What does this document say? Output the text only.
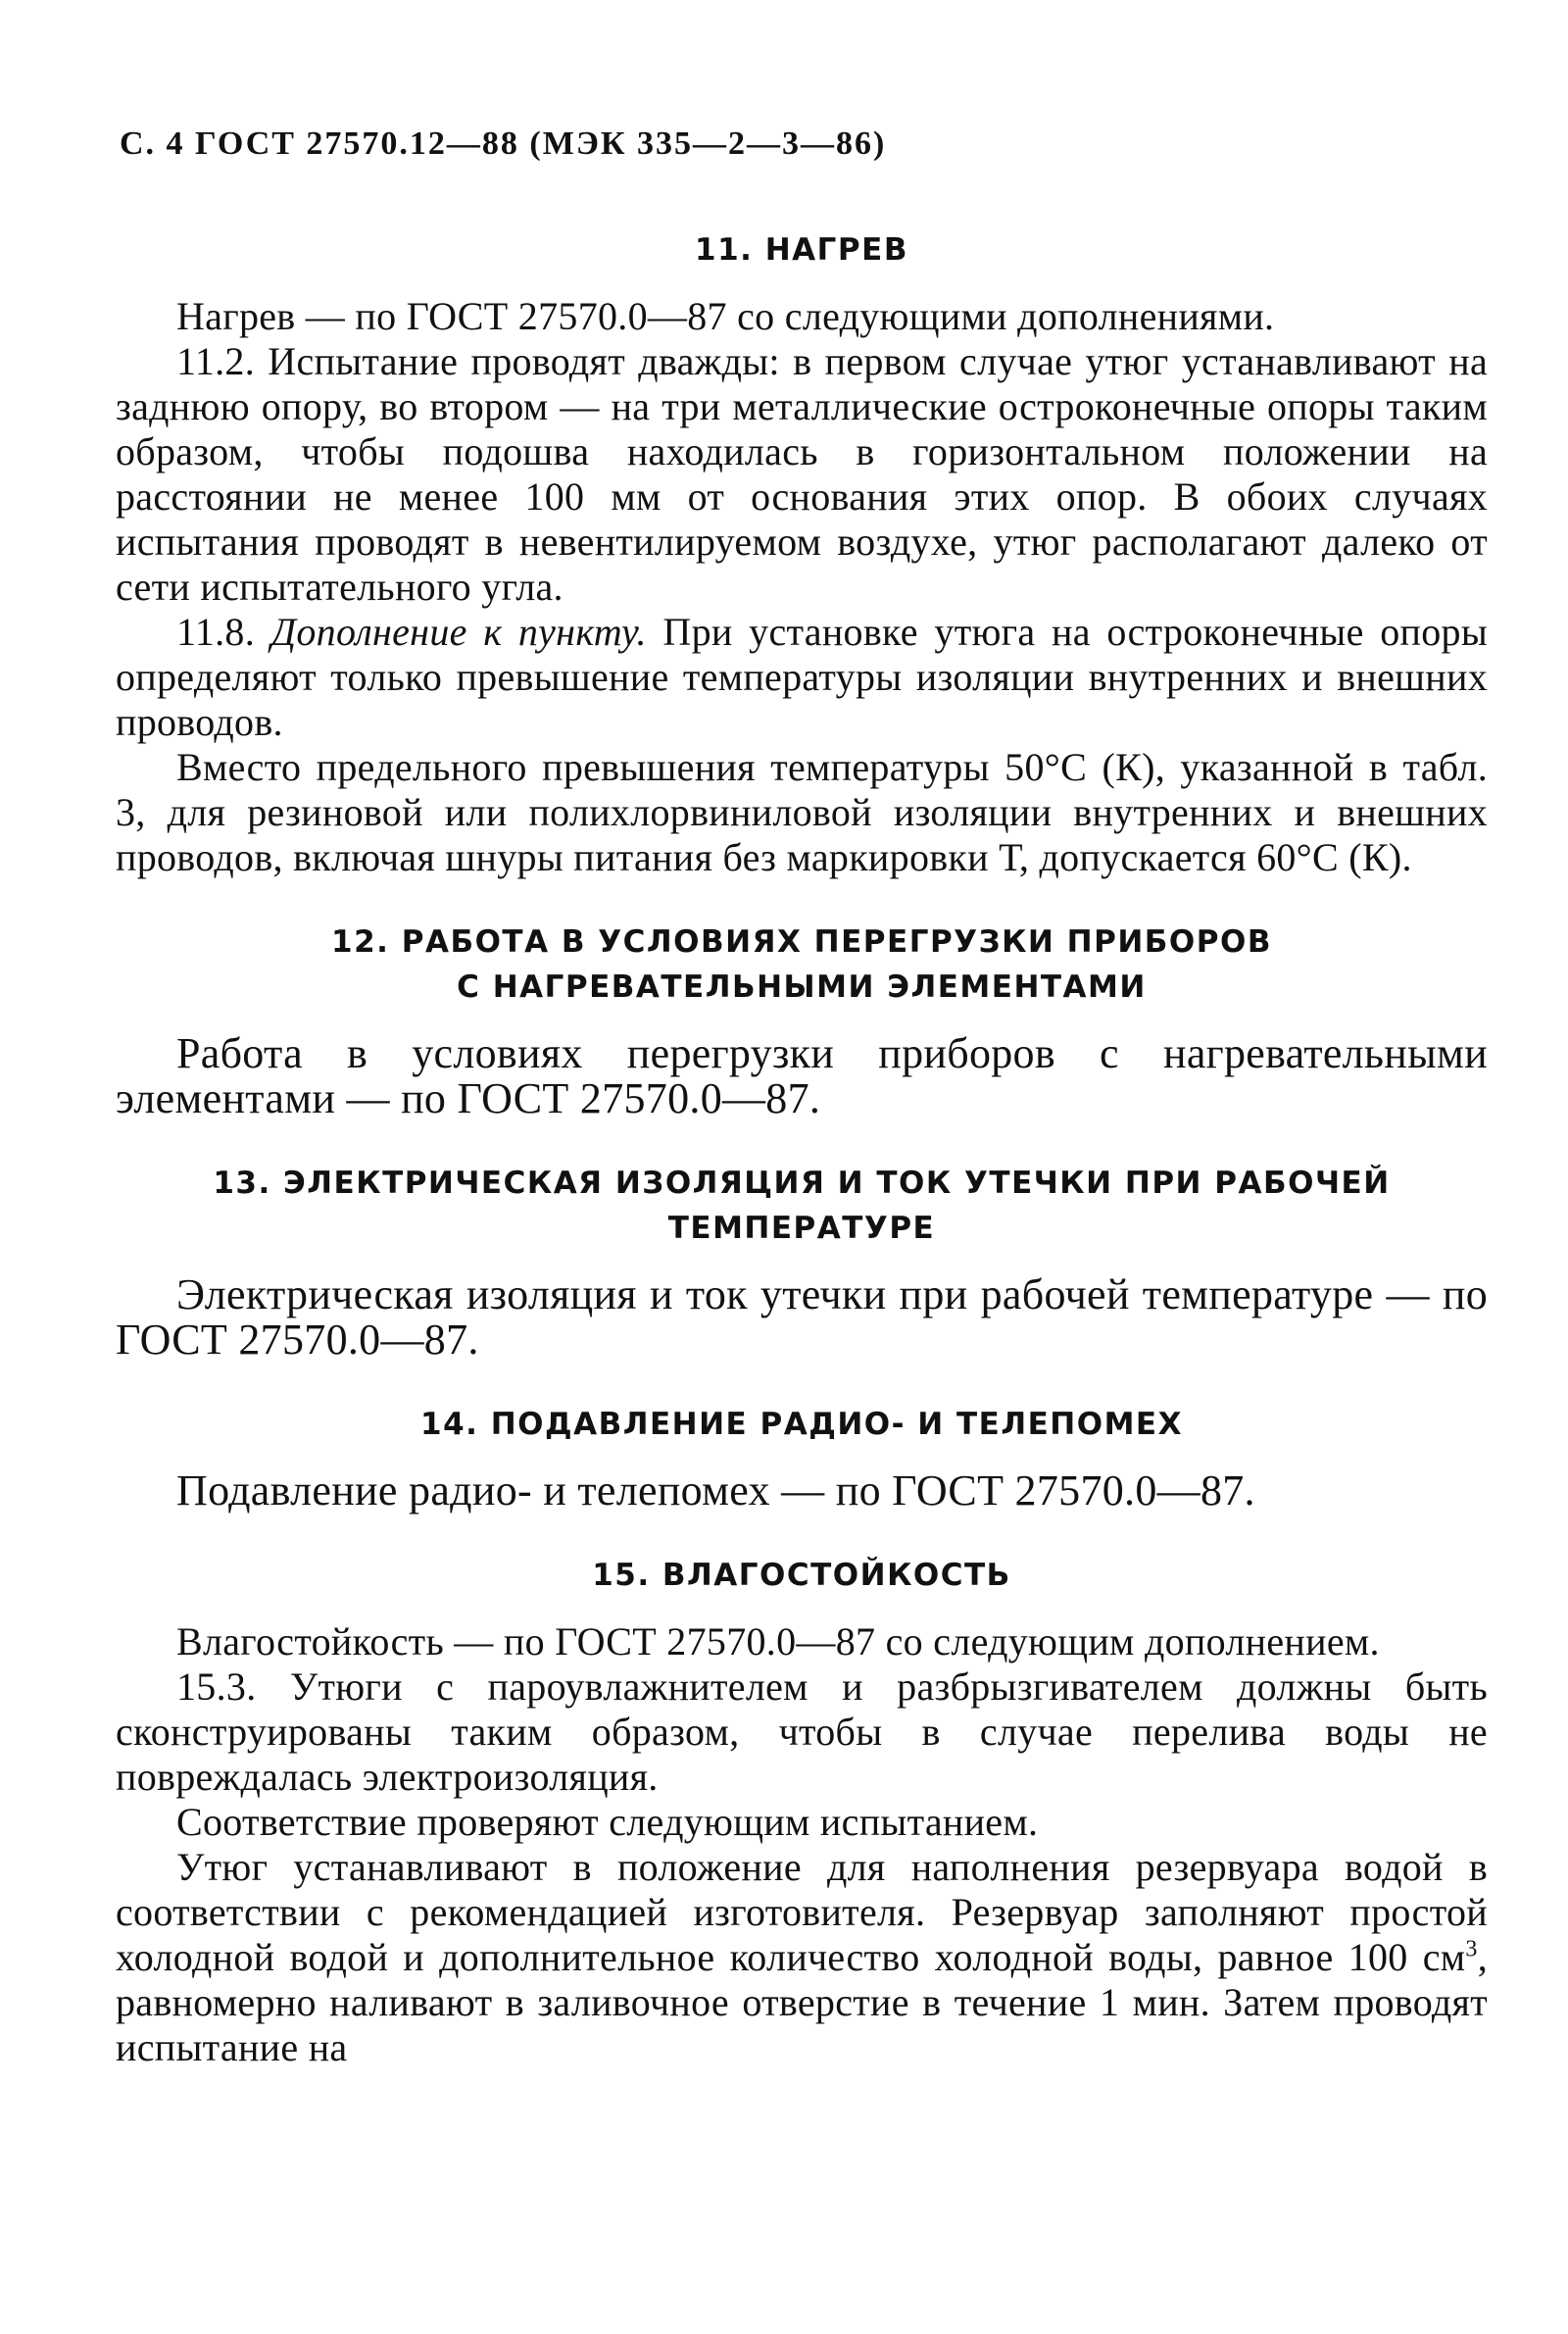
С. 4 ГОСТ 27570.12—88 (МЭК 335—2—3—86)
11. НАГРЕВ

Нагрев — по ГОСТ 27570.0—87 со следующими дополнениями.

11.2. Испытание проводят дважды: в первом случае утюг устанавливают на заднюю опору, во втором — на три металлические остроконечные опоры таким образом, чтобы подошва находилась в горизонтальном положении на расстоянии не менее 100 мм от основания этих опор. В обоих случаях испытания проводят в невентилируемом воздухе, утюг располагают далеко от сети испытательного угла.

11.8. Дополнение к пункту. При установке утюга на остроконечные опоры определяют только превышение температуры изоляции внутренних и внешних проводов.

Вместо предельного превышения температуры 50°С (К), указанной в табл. 3, для резиновой или полихлорвиниловой изоляции внутренних и внешних проводов, включая шнуры питания без маркировки Т, допускается 60°С (К).

12. РАБОТА В УСЛОВИЯХ ПЕРЕГРУЗКИ ПРИБОРОВ
С НАГРЕВАТЕЛЬНЫМИ ЭЛЕМЕНТАМИ

Работа в условиях перегрузки приборов с нагревательными элементами — по ГОСТ 27570.0—87.

13. ЭЛЕКТРИЧЕСКАЯ ИЗОЛЯЦИЯ И ТОК УТЕЧКИ ПРИ РАБОЧЕЙ
ТЕМПЕРАТУРЕ

Электрическая изоляция и ток утечки при рабочей температуре — по ГОСТ 27570.0—87.

14. ПОДАВЛЕНИЕ РАДИО- И ТЕЛЕПОМЕХ

Подавление радио- и телепомех — по ГОСТ 27570.0—87.

15. ВЛАГОСТОЙКОСТЬ

Влагостойкость — по ГОСТ 27570.0—87 со следующим дополнением.

15.3. Утюги с пароувлажнителем и разбрызгивателем должны быть сконструированы таким образом, чтобы в случае перелива воды не повреждалась электроизоляция.

Соответствие проверяют следующим испытанием.

Утюг устанавливают в положение для наполнения резервуара водой в соответствии с рекомендацией изготовителя. Резервуар заполняют простой холодной водой и дополнительное количество холодной воды, равное 100 $см^3$, равномерно наливают в заливочное отверстие в течение 1 мин. Затем проводят испытание на
